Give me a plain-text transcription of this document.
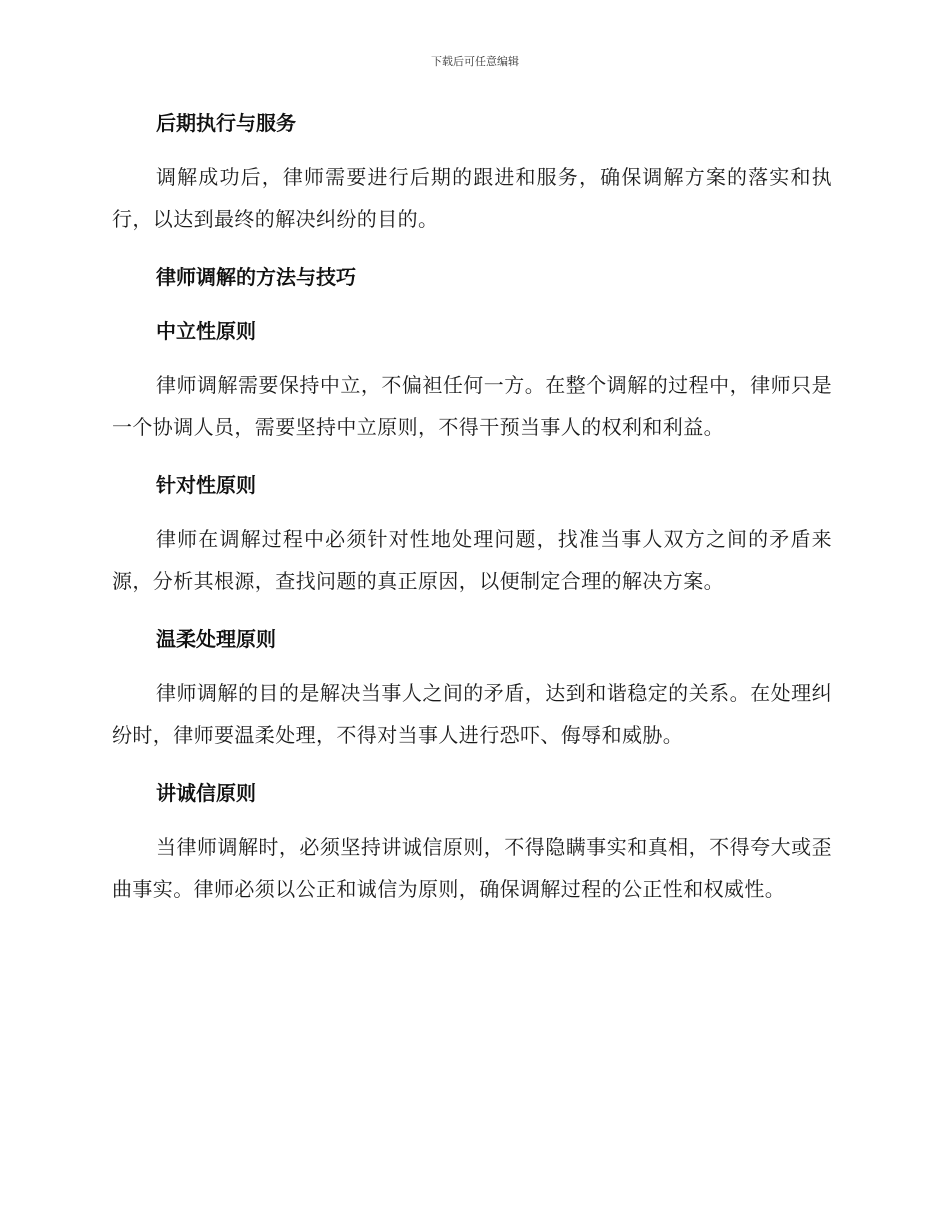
下载后可任意编辑
后期执行与服务

调解成功后，律师需要进行后期的跟进和服务，确保调解方案的落实和执行，以达到最终的解决纠纷的目的。

律师调解的方法与技巧
中立性原则

律师调解需要保持中立，不偏袒任何一方。在整个调解的过程中，律师只是一个协调人员，需要坚持中立原则，不得干预当事人的权利和利益。

针对性原则

律师在调解过程中必须针对性地处理问题，找准当事人双方之间的矛盾来源，分析其根源，查找问题的真正原因，以便制定合理的解决方案。

温柔处理原则

律师调解的目的是解决当事人之间的矛盾，达到和谐稳定的关系。在处理纠纷时，律师要温柔处理，不得对当事人进行恐吓、侮辱和威胁。

讲诚信原则

当律师调解时，必须坚持讲诚信原则，不得隐瞒事实和真相，不得夸大或歪曲事实。律师必须以公正和诚信为原则，确保调解过程的公正性和权威性。
